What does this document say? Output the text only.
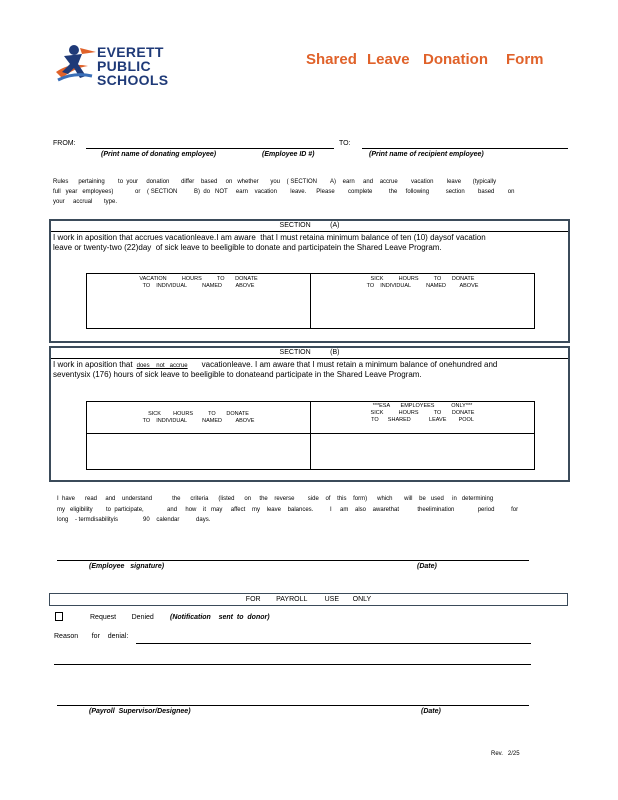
EVERETT
PUBLIC
SCHOOLS
Shared Leave Donation Form
FROM:	TO:
(Print name of donating employee)	(Employee ID #)	(Print name of recipient employee)
Rules      pertaining        to  your     donation       differ    based     on   whether       you    ( SECTION        A)    earn     and    accrue        vacation        leave       (typically
full   year   employees)             or    ( SECTION          B)  do   NOT     earn    vacation        leave.      Please        complete          the     following          section        based        on
your     accrual       type.
SECTION          (A)
I work in aposition that accrues vacationleave.I am aware  that I must retaina minimum balance of ten (10) daysof vacation
leave or twenty-two (22)day  of sick leave to beeligible to donate and participatein the Shared Leave Program.
VACATION          HOURS          TO       DONATE
TO    INDIVIDUAL          NAMED         ABOVE
SICK          HOURS          TO       DONATE
TO    INDIVIDUAL          NAMED         ABOVE
SECTION          (B)
I work in aposition that does    not   accrue vacationleave. I am aware that I must retain a minimum balance of onehundred and
seventysix (176) hours of sick leave to beeligible to donateand participate in the Shared Leave Program.
SICK        HOURS          TO       DONATE
TO    INDIVIDUAL          NAMED         ABOVE
***ESA       EMPLOYEES           ONLY***
SICK          HOURS          TO       DONATE
TO      SHARED            LEAVE        POOL
I  have      read     and    understand            the      criteria      (listed      on     the    reverse        side    of    this    form)      which       will    be   used     in   determining
my   eligibility        to  participate,              and     how    it   may     affect    my    leave    balances.          I     am    also    awarethat           theelimination              period          for
long    - termdisabilityis               90    calendar          days.
(Employee   signature)	(Date)
FOR        PAYROLL         USE       ONLY
Request        Denied (Notification    sent  to  donor)
Reason       for    denial:
(Payroll  Supervisor/Designee)	(Date)
Rev.   2/25
